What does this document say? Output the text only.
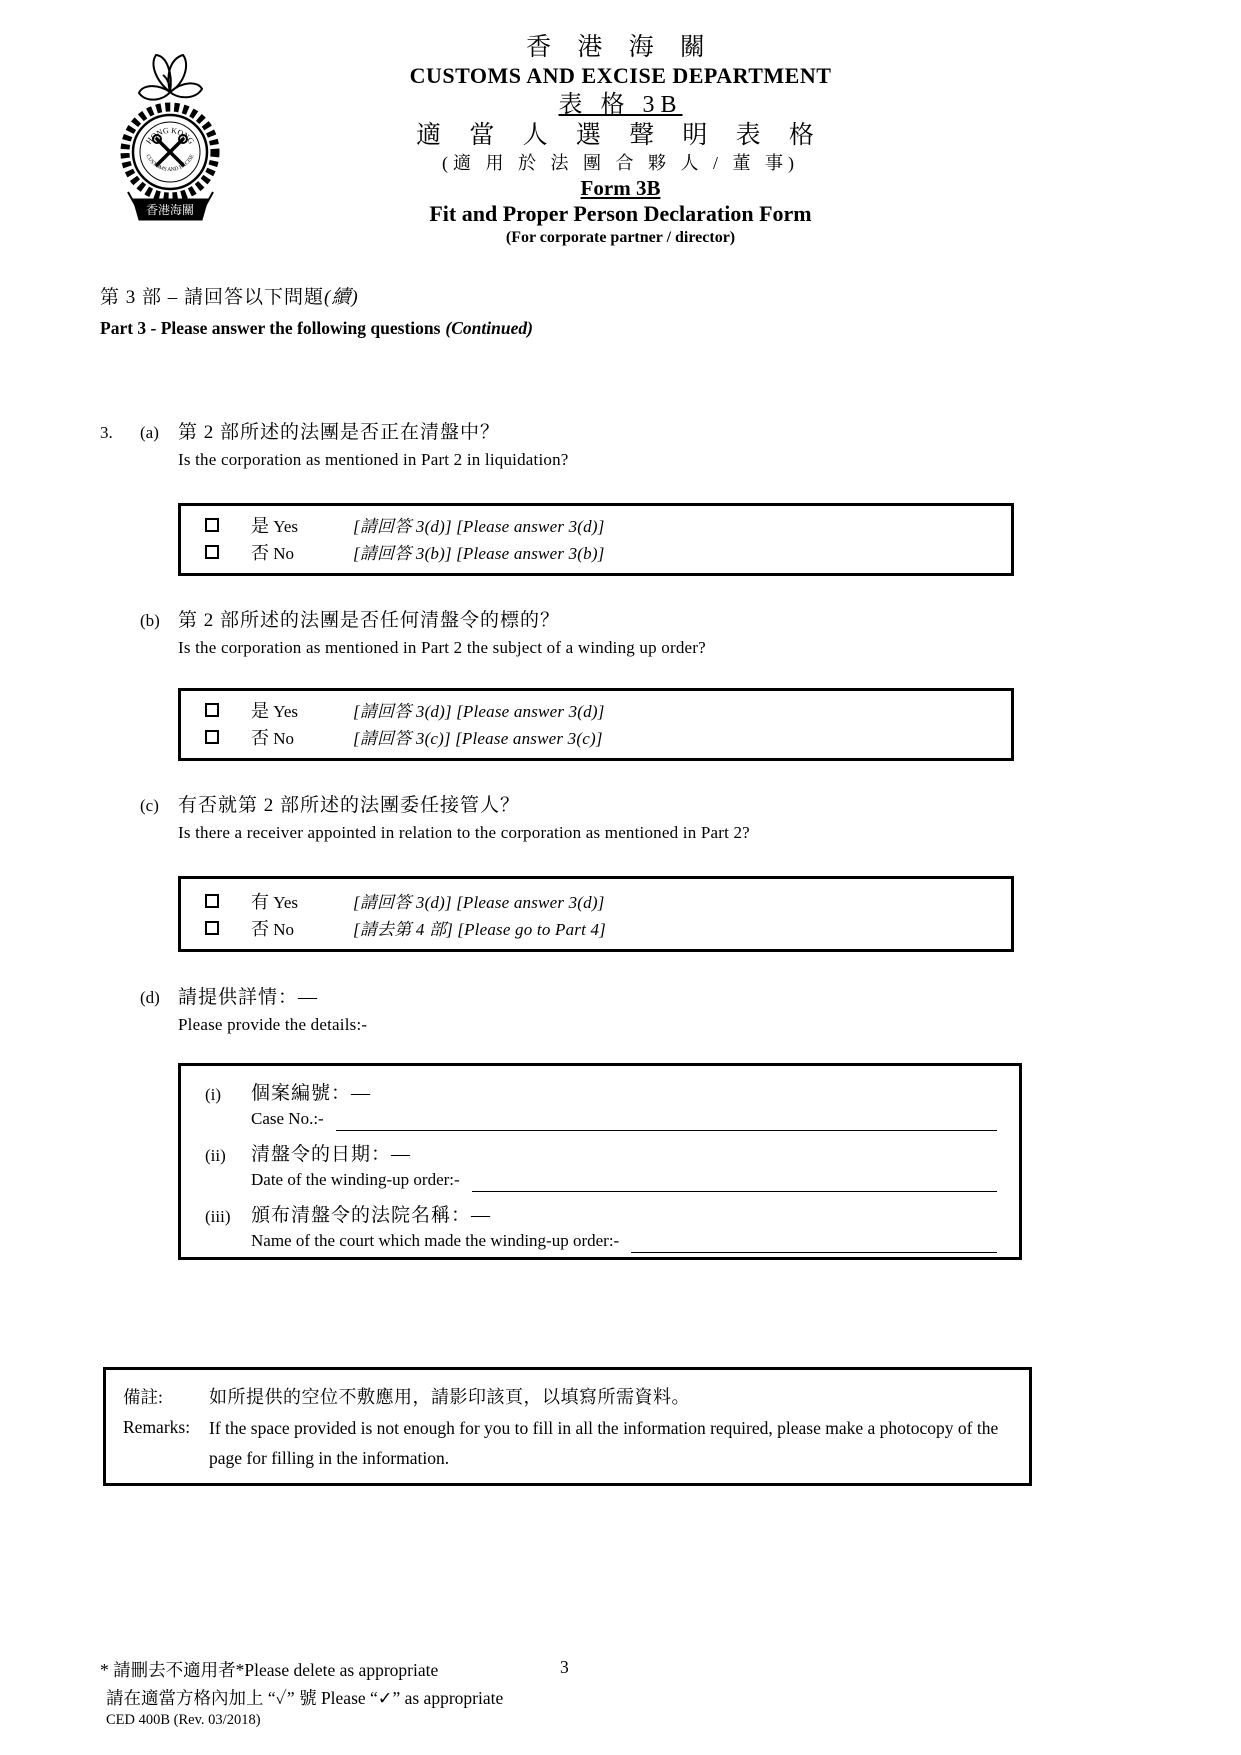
HONG KONG
CUSTOMS AND EXCISE
香港海關
香 港 海 關
CUSTOMS AND EXCISE DEPARTMENT
表 格 3B
適 當 人 選 聲 明 表 格
(適 用 於 法 團 合 夥 人 / 董 事)
Form 3B
Fit and Proper Person Declaration Form
(For corporate partner / director)
第 3 部 – 請回答以下問題(續)
Part 3 - Please answer the following questions (Continued)
3.	(a)	第 2 部所述的法團是否正在清盤中？
Is the corporation as mentioned in Part 2 in liquidation?
是 Yes	[請回答 3(d)] [Please answer 3(d)]
否 No	[請回答 3(b)] [Please answer 3(b)]
(b) 第 2 部所述的法團是否任何清盤令的標的？
Is the corporation as mentioned in Part 2 the subject of a winding up order?
是 Yes	[請回答 3(d)] [Please answer 3(d)]
否 No	[請回答 3(c)] [Please answer 3(c)]
(c)	有否就第 2 部所述的法團委任接管人？
Is there a receiver appointed in relation to the corporation as mentioned in Part 2?
有 Yes	[請回答 3(d)] [Please answer 3(d)]
否 No	[請去第 4 部] [Please go to Part 4]
(d) 請提供詳情：—
Please provide the details:-
(i)	個案編號：—
Case No.:-
(ii)	清盤令的日期：—
Date of the winding-up order:-
(iii)	頒布清盤令的法院名稱：—
Name of the court which made the winding-up order:-
備註:	如所提供的空位不敷應用，請影印該頁，以填寫所需資料。
Remarks:	If the space provided is not enough for you to fill in all the information required, please make a photocopy of the page for filling in the information.
* 請刪去不適用者*Please delete as appropriate	3
請在適當方格內加上 “✓” 號 Please “✓” as appropriate
CED 400B (Rev. 03/2018)
